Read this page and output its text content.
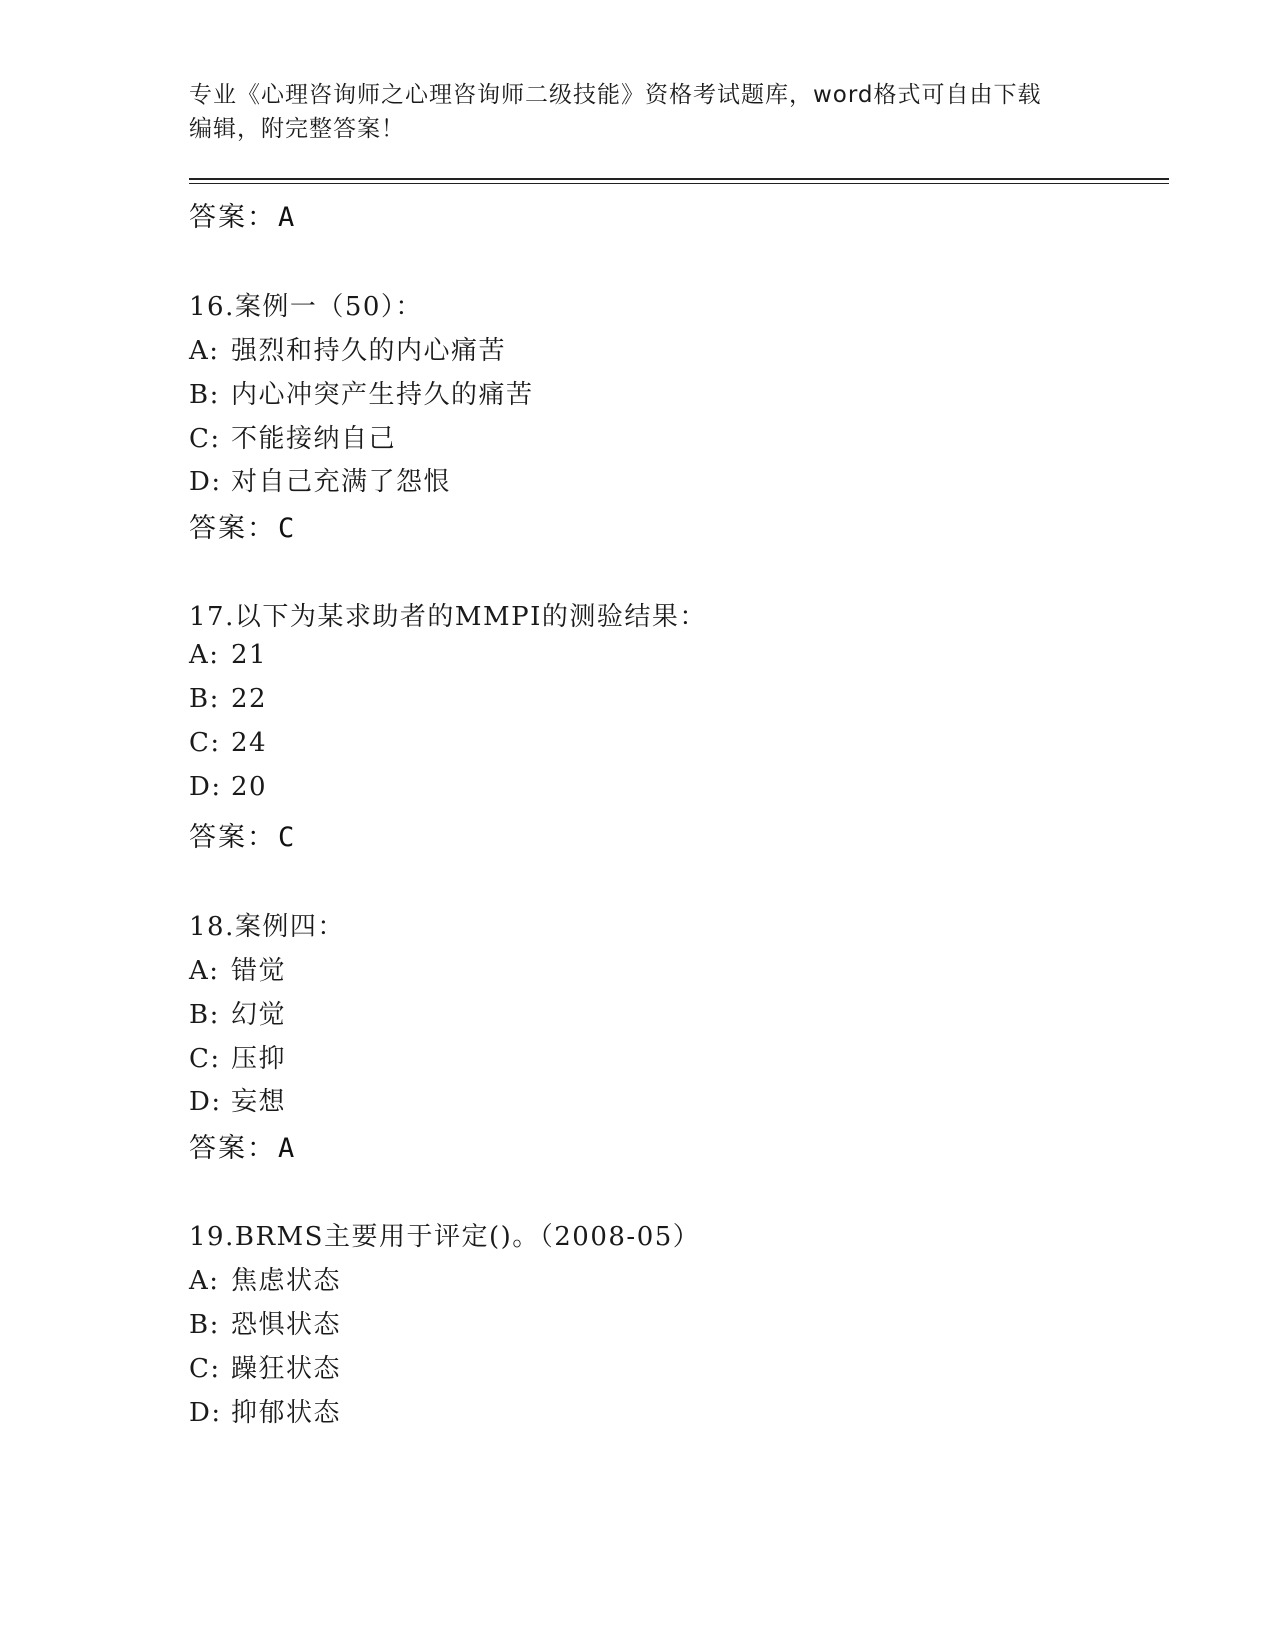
专业《心理咨询师之心理咨询师二级技能》资格考试题库，word格式可自由下载
编辑，附完整答案！
答案：A
16.案例一（50）：
A: 强烈和持久的内心痛苦
B: 内心冲突产生持久的痛苦
C: 不能接纳自己
D: 对自己充满了怨恨
答案：C
17.以下为某求助者的MMPI的测验结果：
A: 21
B: 22
C: 24
D: 20
答案：C
18.案例四：
A: 错觉
B: 幻觉
C: 压抑
D: 妄想
答案：A
19.BRMS主要用于评定()。（2008-05）
A: 焦虑状态
B: 恐惧状态
C: 躁狂状态
D: 抑郁状态
